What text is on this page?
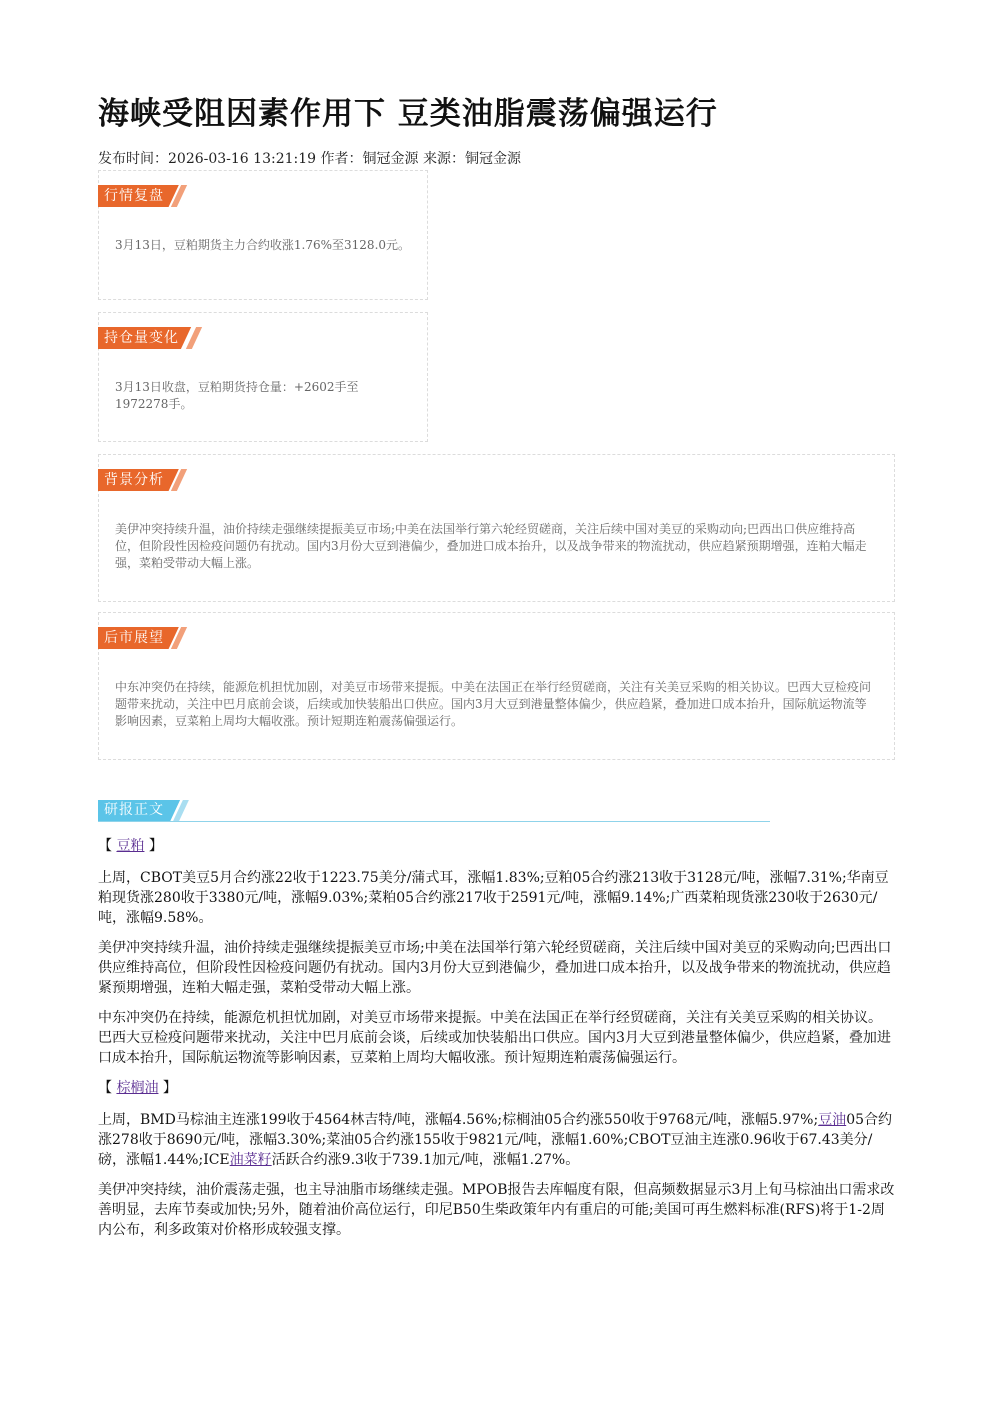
海峡受阻因素作用下 豆类油脂震荡偏强运行
发布时间：2026-03-16 13:21:19 作者：铜冠金源 来源：铜冠金源
行情复盘
3月13日，豆粕期货主力合约收涨1.76%至3128.0元。
持仓量变化
3月13日收盘，豆粕期货持仓量：+2602手至1972278手。
背景分析
美伊冲突持续升温，油价持续走强继续提振美豆市场;中美在法国举行第六轮经贸磋商，关注后续中国对美豆的采购动向;巴西出口供应维持高位，但阶段性因检疫问题仍有扰动。国内3月份大豆到港偏少，叠加进口成本抬升，以及战争带来的物流扰动，供应趋紧预期增强，连粕大幅走强，菜粕受带动大幅上涨。
后市展望
中东冲突仍在持续，能源危机担忧加剧，对美豆市场带来提振。中美在法国正在举行经贸磋商，关注有关美豆采购的相关协议。巴西大豆检疫问题带来扰动，关注中巴月底前会谈，后续或加快装船出口供应。国内3月大豆到港量整体偏少，供应趋紧，叠加进口成本抬升，国际航运物流等影响因素，豆菜粕上周均大幅收涨。预计短期连粕震荡偏强运行。
研报正文

【 豆粕 】

上周，CBOT美豆5月合约涨22收于1223.75美分/蒲式耳，涨幅1.83%;豆粕05合约涨213收于3128元/吨，涨幅7.31%;华南豆粕现货涨280收于3380元/吨，涨幅9.03%;菜粕05合约涨217收于2591元/吨，涨幅9.14%;广西菜粕现货涨230收于2630元/吨，涨幅9.58%。

美伊冲突持续升温，油价持续走强继续提振美豆市场;中美在法国举行第六轮经贸磋商，关注后续中国对美豆的采购动向;巴西出口供应维持高位，但阶段性因检疫问题仍有扰动。国内3月份大豆到港偏少，叠加进口成本抬升，以及战争带来的物流扰动，供应趋紧预期增强，连粕大幅走强，菜粕受带动大幅上涨。

中东冲突仍在持续，能源危机担忧加剧，对美豆市场带来提振。中美在法国正在举行经贸磋商，关注有关美豆采购的相关协议。巴西大豆检疫问题带来扰动，关注中巴月底前会谈，后续或加快装船出口供应。国内3月大豆到港量整体偏少，供应趋紧，叠加进口成本抬升，国际航运物流等影响因素，豆菜粕上周均大幅收涨。预计短期连粕震荡偏强运行。

【 棕榈油 】

上周，BMD马棕油主连涨199收于4564林吉特/吨，涨幅4.56%;棕榈油05合约涨550收于9768元/吨，涨幅5.97%;豆油05合约涨278收于8690元/吨，涨幅3.30%;菜油05合约涨155收于9821元/吨，涨幅1.60%;CBOT豆油主连涨0.96收于67.43美分/磅，涨幅1.44%;ICE油菜籽活跃合约涨9.3收于739.1加元/吨，涨幅1.27%。

美伊冲突持续，油价震荡走强，也主导油脂市场继续走强。MPOB报告去库幅度有限，但高频数据显示3月上旬马棕油出口需求改善明显，去库节奏或加快;另外，随着油价高位运行，印尼B50生柴政策年内有重启的可能;美国可再生燃料标准(RFS)将于1-2周内公布，利多政策对价格形成较强支撑。
